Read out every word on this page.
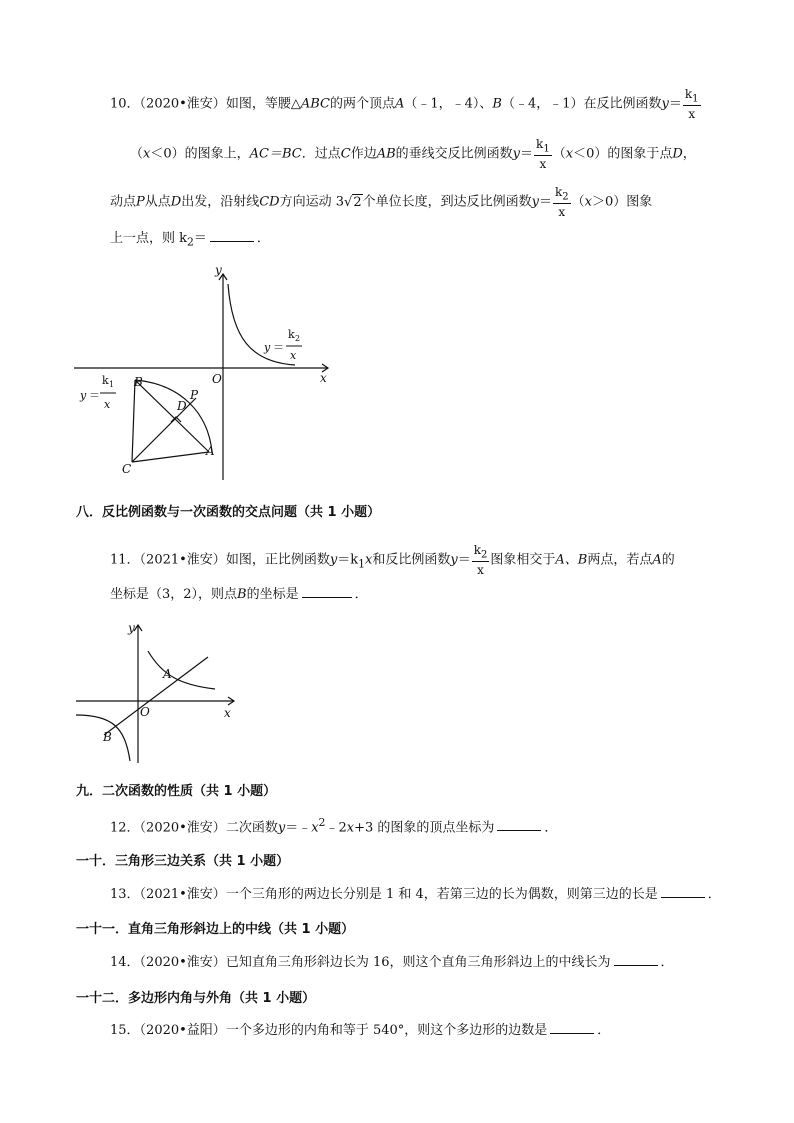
10．（2020•淮安）如图，等腰△ABC的两个顶点A（﹣1，﹣4）、B（﹣4，﹣1）在反比例函数$y= \frac{k_1}{x}$
（x＜0）的图象上，AC＝BC．过点C作边AB的垂线交反比例函数$y= \frac{k_1}{x} (x<0)$的图象于点D，
动点P从点D出发，沿射线CD方向运动 3√2个单位长度，到达反比例函数$y= \frac{k_2}{x} (x>0)$图象
上一点，则 $k_2=$	．
y
x
O
B
C
D
P
A
y ＝
k 2
x
y ＝
k 1
x
八．反比例函数与一次函数的交点问题（共 1 小题）
11．（2021•淮安）如图，正比例函数$y=k_1x$和反比例函数$y= \frac{k_2}{x}$ 图象相交于A、B两点，若点A的
坐标是（3，2），则点B的坐标是	．
y
x
O
A
B
九．二次函数的性质（共 1 小题）
12．（2020•淮安）二次函数$y=﹣x^2﹣2x+3$ 的图象的顶点坐标为	．
一十．三角形三边关系（共 1 小题）
13．（2021•淮安）一个三角形的两边长分别是 1 和 4，若第三边的长为偶数，则第三边的长是	．
一十一．直角三角形斜边上的中线（共 1 小题）
14．（2020•淮安）已知直角三角形斜边长为 16，则这个直角三角形斜边上的中线长为	．
一十二．多边形内角与外角（共 1 小题）
15．（2020•益阳）一个多边形的内角和等于 540°，则这个多边形的边数是	．
